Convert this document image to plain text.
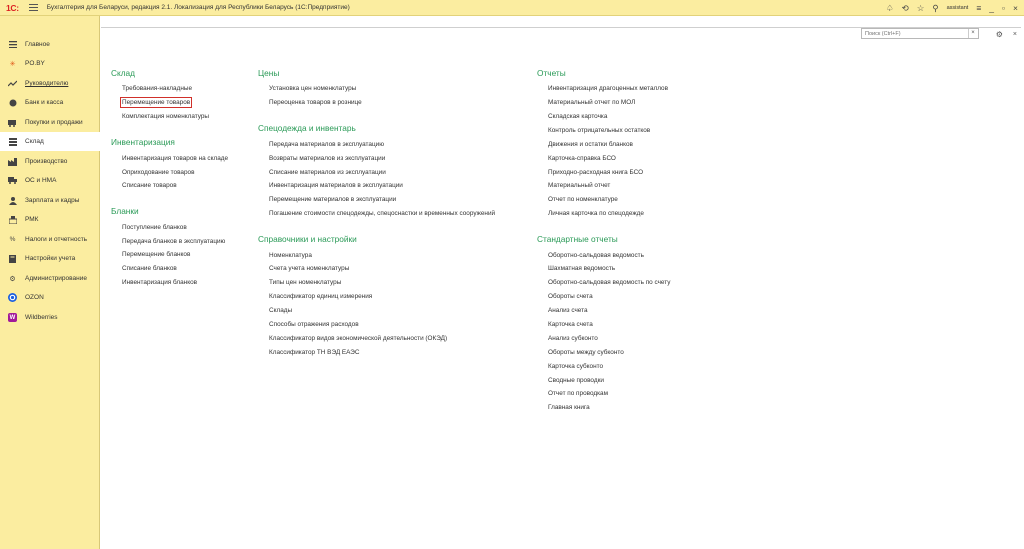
1С:	Бухгалтерия для Беларуси, редакция 2.1. Локализация для Республики Беларусь (1С:Предприятие)	♤ ⟲ ☆ ⚲ assistant ≡ _ ▫ ×
Главное
✳ PO.BY
Руководителю
Банк и касса
Покупки и продажи
Склад
Производство
ОС и НМА
Зарплата и кадры
РМК
% Налоги и отчетность
Настройки учета
⚙ Администрирование
OZON
W Wildberries
Поиск (Ctrl+F)
×	⚙ ×
Склад
Требования-накладные
Перемещение товаров
Комплектация номенклатуры
Инвентаризация
Инвентаризация товаров на складе
Оприходование товаров
Списание товаров
Бланки
Поступление бланков
Передача бланков в эксплуатацию
Перемещение бланков
Списание бланков
Инвентаризация бланков
Цены
Установка цен номенклатуры
Переоценка товаров в рознице
Спецодежда и инвентарь
Передача материалов в эксплуатацию
Возвраты материалов из эксплуатации
Списание материалов из эксплуатации
Инвентаризация материалов в эксплуатации
Перемещение материалов в эксплуатации
Погашение стоимости спецодежды, спецоснастки и временных сооружений
Справочники и настройки
Номенклатура
Счета учета номенклатуры
Типы цен номенклатуры
Классификатор единиц измерения
Склады
Способы отражения расходов
Классификатор видов экономической деятельности (ОКЭД)
Классификатор ТН ВЭД ЕАЭС
Отчеты
Инвентаризация драгоценных металлов
Материальный отчет по МОЛ
Складская карточка
Контроль отрицательных остатков
Движения и остатки бланков
Карточка-справка БСО
Приходно-расходная книга БСО
Материальный отчет
Отчет по номенклатуре
Личная карточка по спецодежде
Стандартные отчеты
Оборотно-сальдовая ведомость
Шахматная ведомость
Оборотно-сальдовая ведомость по счету
Обороты счета
Анализ счета
Карточка счета
Анализ субконто
Обороты между субконто
Карточка субконто
Сводные проводки
Отчет по проводкам
Главная книга
